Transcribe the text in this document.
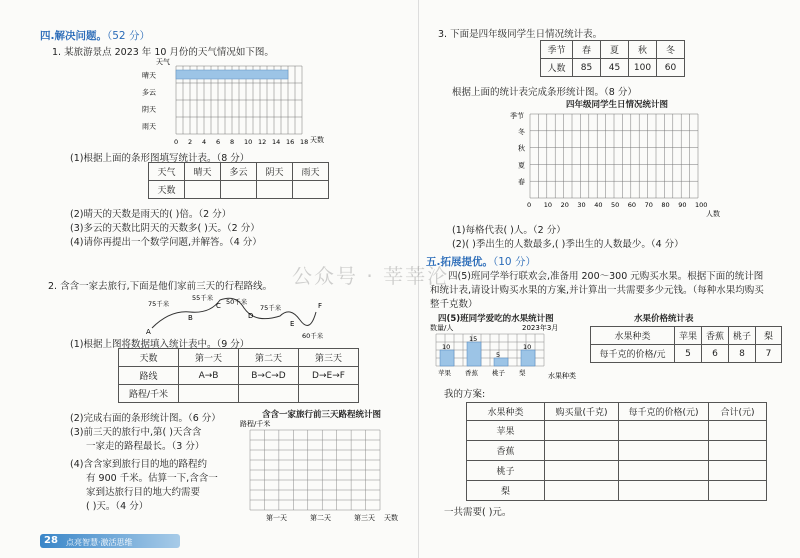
四.解决问题。（52 分）
1. 某旅游景点 2023 年 10 月份的天气情况如下图。
天气
天数
晴天
多云
阴天
雨天
0 2 4 6 8 10 12 14 16 18
(1)根据上面的条形图填写统计表。（8 分）
天气	晴天	多云	阴天	雨天
天数				
(2)晴天的天数是雨天的( )倍。（2 分）
(3)多云的天数比阴天的天数多( )天。（2 分）
(4)请你再提出一个数学问题,并解答。（4 分）
2. 含含一家去旅行,下面是他们家前三天的行程路线。
A
B
C
D
E
F
75千米
55千米 50千米
75千米
60千米
(1)根据上图将数据填入统计表中。（9 分）
天数	第一天	第二天	第三天
路线	A→B	B→C→D	D→E→F
路程/千米			
(2)完成右面的条形统计图。（6 分）
(3)前三天的旅行中,第( )天含含
一家走的路程最长。（3 分）
(4)含含家到旅行目的地的路程约
有 900 千米。估算一下,含含一
家到达旅行目的地大约需要
( )天。（4 分）
含含一家旅行前三天路程统计图
路程/千米
第一天	第二天	第三天 天数
28 点亮智慧·激活思维
3. 下面是四年级同学生日情况统计表。
季节	春	夏	秋	冬
人数	85	45	100	60
根据上面的统计表完成条形统计图。（8 分）
四年级同学生日情况统计图
季节
冬
秋
夏
春
0 10 20 30 40 50 60 70 80 90 100
人数
(1)每格代表( )人。（2 分）
(2)( )季出生的人数最多,( )季出生的人数最少。（4 分）
五.拓展提优。（10 分）
四(5)班同学举行联欢会,准备用 200～300 元购买水果。根据下面的统计图
和统计表,请设计购买水果的方案,并计算出一共需要多少元钱。（每种水果均购买
整千克数）
四(5)班同学爱吃的水果统计图
数量/人	2023年3月
10
15
5
10
苹果 香蕉 桃子 梨	水果种类
水果价格统计表
水果种类	苹果	香蕉	桃子	梨
每千克的价格/元	5	6	8	7
我的方案:
水果种类	购买量(千克)	每千克的价格(元)	合计(元)
苹果			
香蕉			
桃子			
梨			
一共需要( )元。
公众号 · 莘莘沦
